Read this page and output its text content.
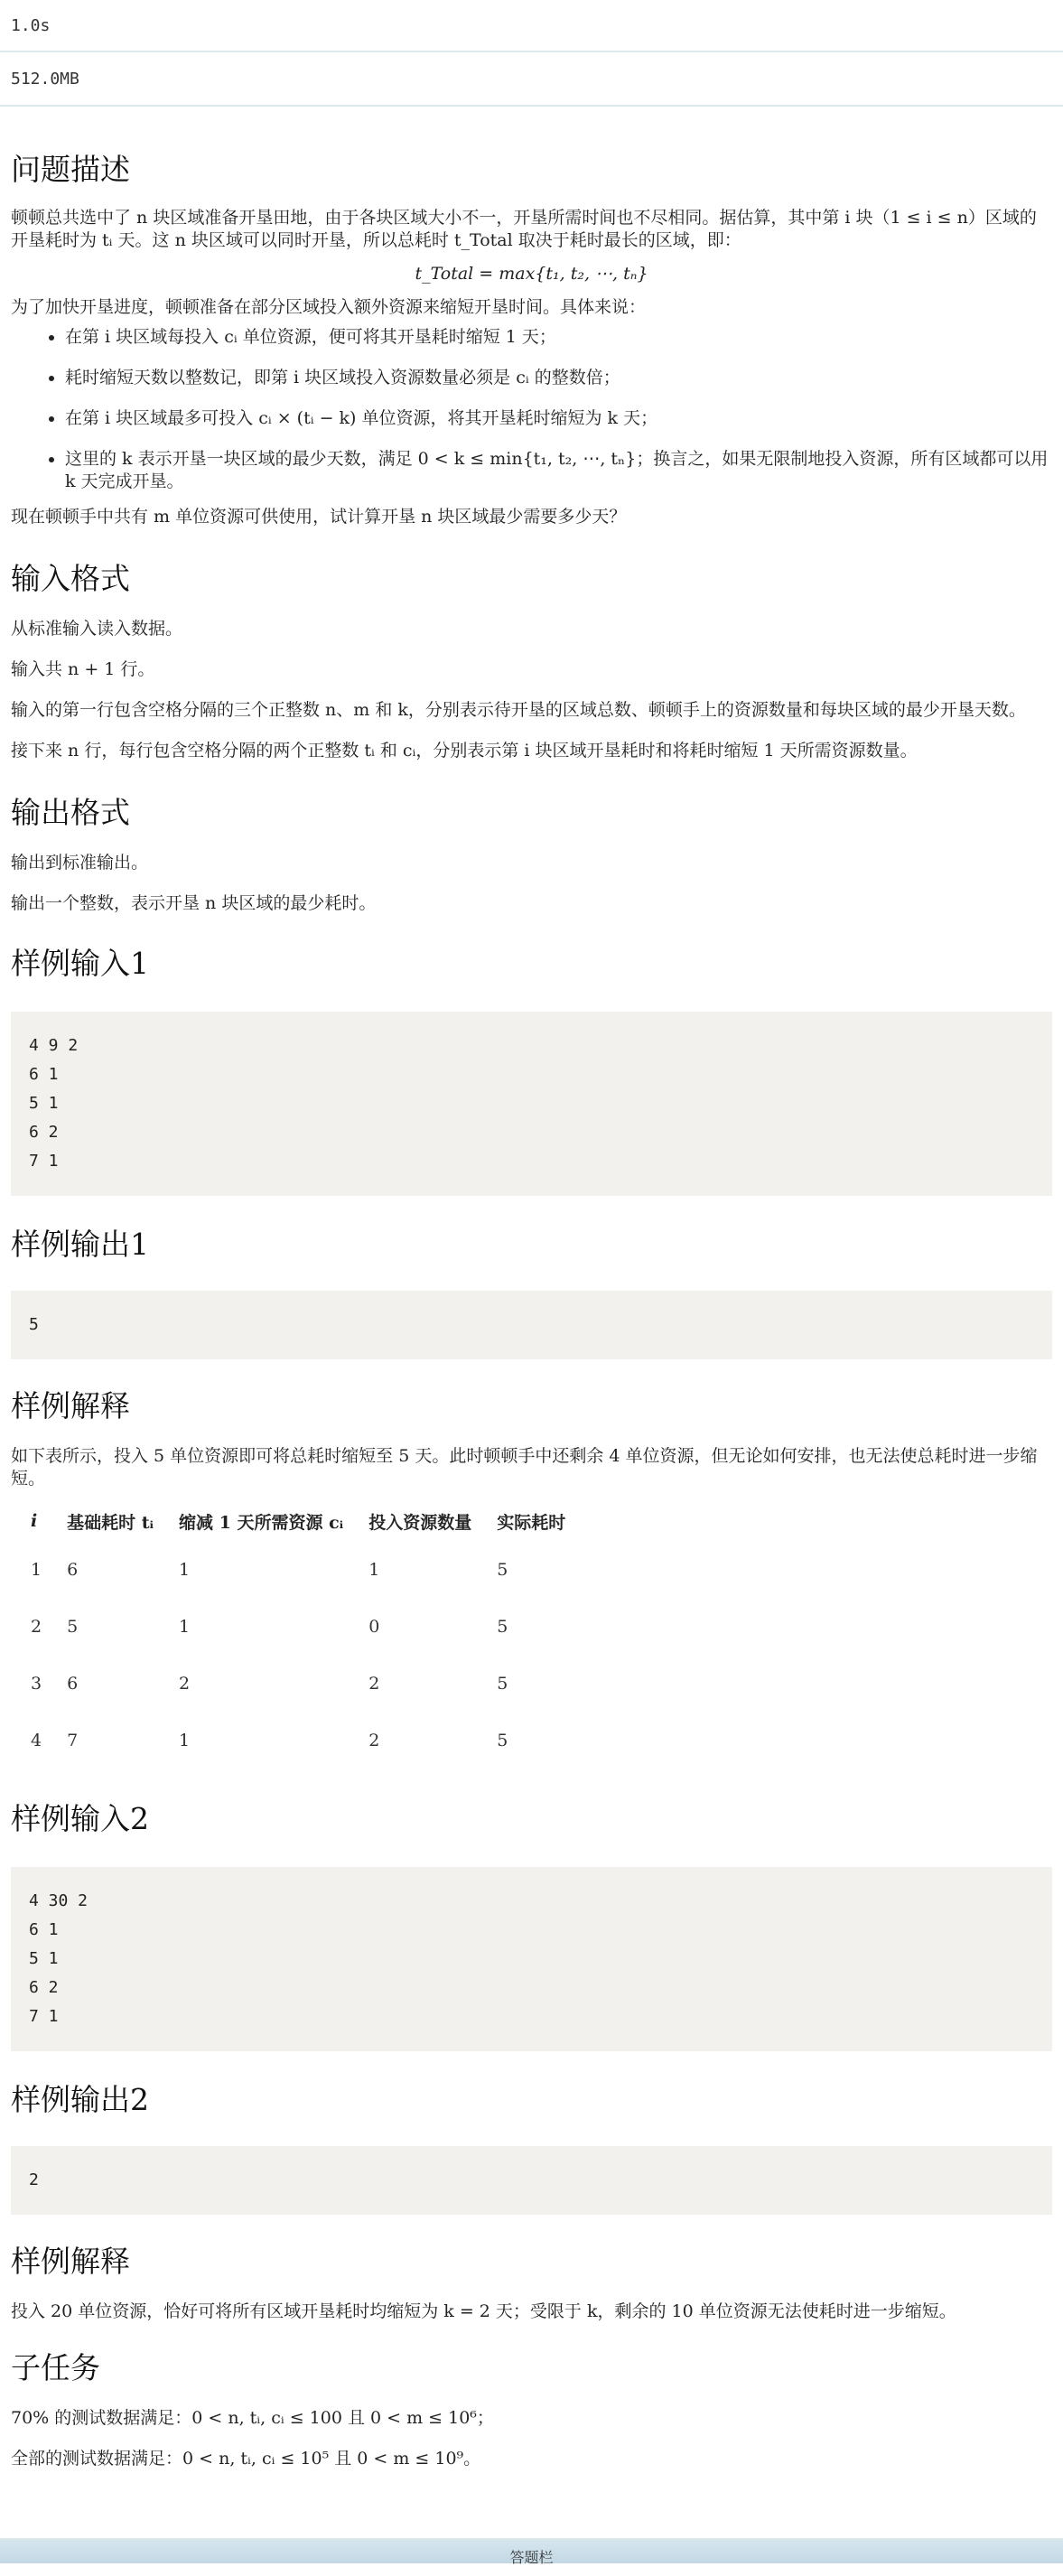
1.0s
512.0MB
问题描述

顿顿总共选中了 n 块区域准备开垦田地，由于各块区域大小不一，开垦所需时间也不尽相同。据估算，其中第 i 块（1 ≤ i ≤ n）区域的开垦耗时为 tᵢ 天。这 n 块区域可以同时开垦，所以总耗时 t_Total 取决于耗时最长的区域，即：

t_Total = max{t₁, t₂, ⋯, tₙ}

为了加快开垦进度，顿顿准备在部分区域投入额外资源来缩短开垦时间。具体来说：

• 在第 i 块区域每投入 cᵢ 单位资源，便可将其开垦耗时缩短 1 天；
• 耗时缩短天数以整数记，即第 i 块区域投入资源数量必须是 cᵢ 的整数倍；
• 在第 i 块区域最多可投入 cᵢ × (tᵢ − k) 单位资源，将其开垦耗时缩短为 k 天；
• 这里的 k 表示开垦一块区域的最少天数，满足 0 < k ≤ min{t₁, t₂, ⋯, tₙ}；换言之，如果无限制地投入资源，所有区域都可以用 k 天完成开垦。

现在顿顿手中共有 m 单位资源可供使用，试计算开垦 n 块区域最少需要多少天？

输入格式

从标准输入读入数据。

输入共 n + 1 行。

输入的第一行包含空格分隔的三个正整数 n、m 和 k，分别表示待开垦的区域总数、顿顿手上的资源数量和每块区域的最少开垦天数。

接下来 n 行，每行包含空格分隔的两个正整数 tᵢ 和 cᵢ，分别表示第 i 块区域开垦耗时和将耗时缩短 1 天所需资源数量。

输出格式

输出到标准输出。

输出一个整数，表示开垦 n 块区域的最少耗时。

样例输入1
4 9 2
6 1
5 1
6 2
7 1
样例输出1
5
样例解释

如下表所示，投入 5 单位资源即可将总耗时缩短至 5 天。此时顿顿手中还剩余 4 单位资源，但无论如何安排，也无法使总耗时进一步缩短。

i	基础耗时 tᵢ	缩减 1 天所需资源 cᵢ	投入资源数量	实际耗时
1	6	1	1	5
2	5	1	0	5
3	6	2	2	5
4	7	1	2	5
样例输入2
4 30 2
6 1
5 1
6 2
7 1
样例输出2
2
样例解释

投入 20 单位资源，恰好可将所有区域开垦耗时均缩短为 k = 2 天；受限于 k，剩余的 10 单位资源无法使耗时进一步缩短。

子任务

70% 的测试数据满足：0 < n, tᵢ, cᵢ ≤ 100 且 0 < m ≤ 10⁶；

全部的测试数据满足：0 < n, tᵢ, cᵢ ≤ 10⁵ 且 0 < m ≤ 10⁹。

答题栏
